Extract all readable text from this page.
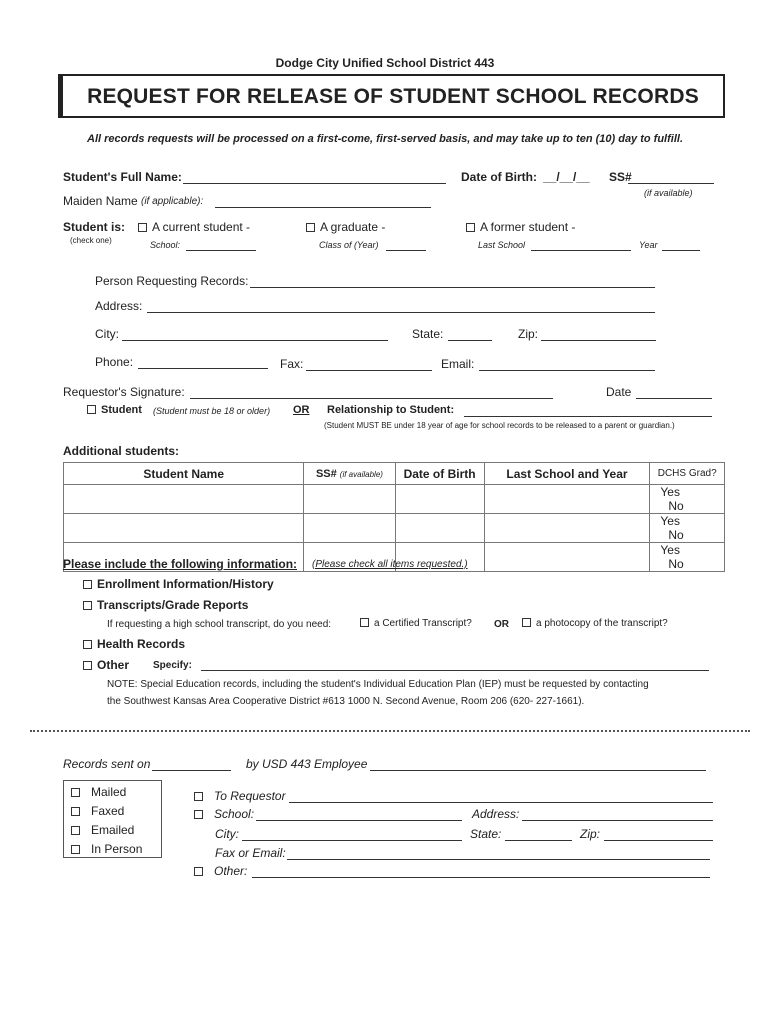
Dodge City Unified School District 443
REQUEST FOR RELEASE OF STUDENT SCHOOL RECORDS
All records requests will be processed on a first-come, first-served basis, and may take up to ten (10) day to fulfill.
Student's Full Name:	Date of Birth: __/__/__ SS#
(if available)
Maiden Name (if applicable):
Student is:
(check one)
A current student -
School:
A graduate -
Class of (Year)
A former student -
Last School	Year
Person Requesting Records:
Address:
City:	State:	Zip:
Phone:	Fax:	Email:
Requestor's Signature:	Date
Student (Student must be 18 or older) OR Relationship to Student:
(Student MUST BE under 18 year of age for school records to be released to a parent or guardian.)
Additional students:
Student Name	SS# (if available)	Date of Birth	Last School and Year	DCHS Grad?
				YesNo
				YesNo
				YesNo
Please include the following information: (Please check all items requested.)
Enrollment Information/History
Transcripts/Grade Reports
If requesting a high school transcript, do you need:	a Certified Transcript? OR	a photocopy of the transcript?
Health Records
Other Specify:
NOTE: Special Education records, including the student's Individual Education Plan (IEP) must be requested by contacting
the Southwest Kansas Area Cooperative District #613 1000 N. Second Avenue, Room 206 (620- 227-1661).
Records sent on	by USD 443 Employee
Mailed
Faxed
Emailed
In Person
To Requestor
School:	Address:
City:	State:	Zip:
Fax or Email:
Other:
